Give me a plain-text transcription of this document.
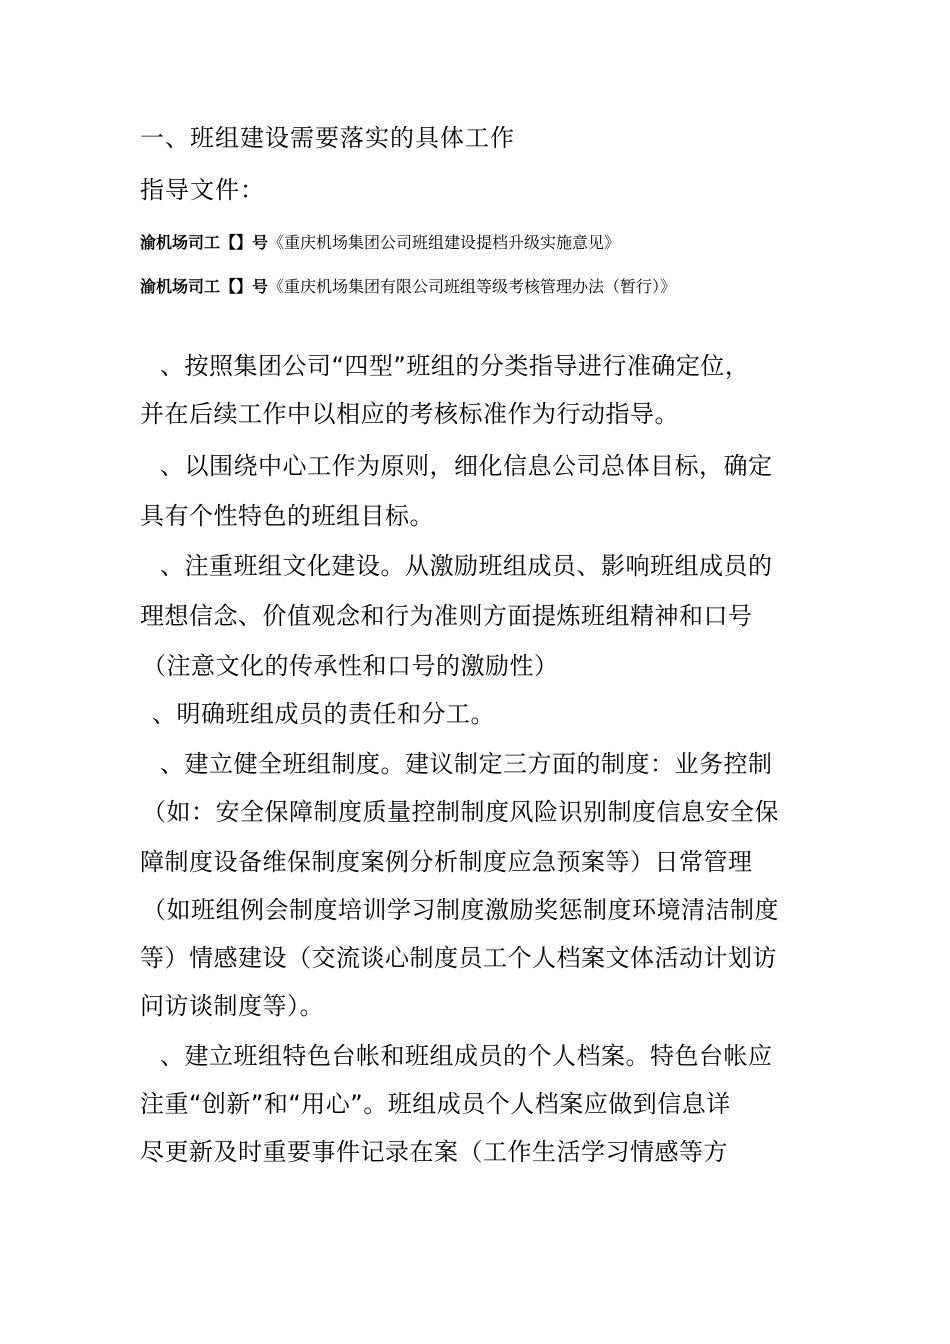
一、班组建设需要落实的具体工作
指导文件：
渝机场司工【】号《重庆机场集团公司班组建设提档升级实施意见》
渝机场司工【】号《重庆机场集团有限公司班组等级考核管理办法（暂行）》
、按照集团公司“四型”班组的分类指导进行准确定位，
并在后续工作中以相应的考核标准作为行动指导。
、以围绕中心工作为原则，细化信息公司总体目标，确定
具有个性特色的班组目标。
、注重班组文化建设。从激励班组成员、影响班组成员的
理想信念、价值观念和行为准则方面提炼班组精神和口号
（注意文化的传承性和口号的激励性）
、明确班组成员的责任和分工。
、建立健全班组制度。建议制定三方面的制度：业务控制
（如：安全保障制度质量控制制度风险识别制度信息安全保
障制度设备维保制度案例分析制度应急预案等）日常管理
（如班组例会制度培训学习制度激励奖惩制度环境清洁制度
等）情感建设（交流谈心制度员工个人档案文体活动计划访
问访谈制度等）。
、建立班组特色台帐和班组成员的个人档案。特色台帐应
注重“创新”和“用心”。班组成员个人档案应做到信息详
尽更新及时重要事件记录在案（工作生活学习情感等方
